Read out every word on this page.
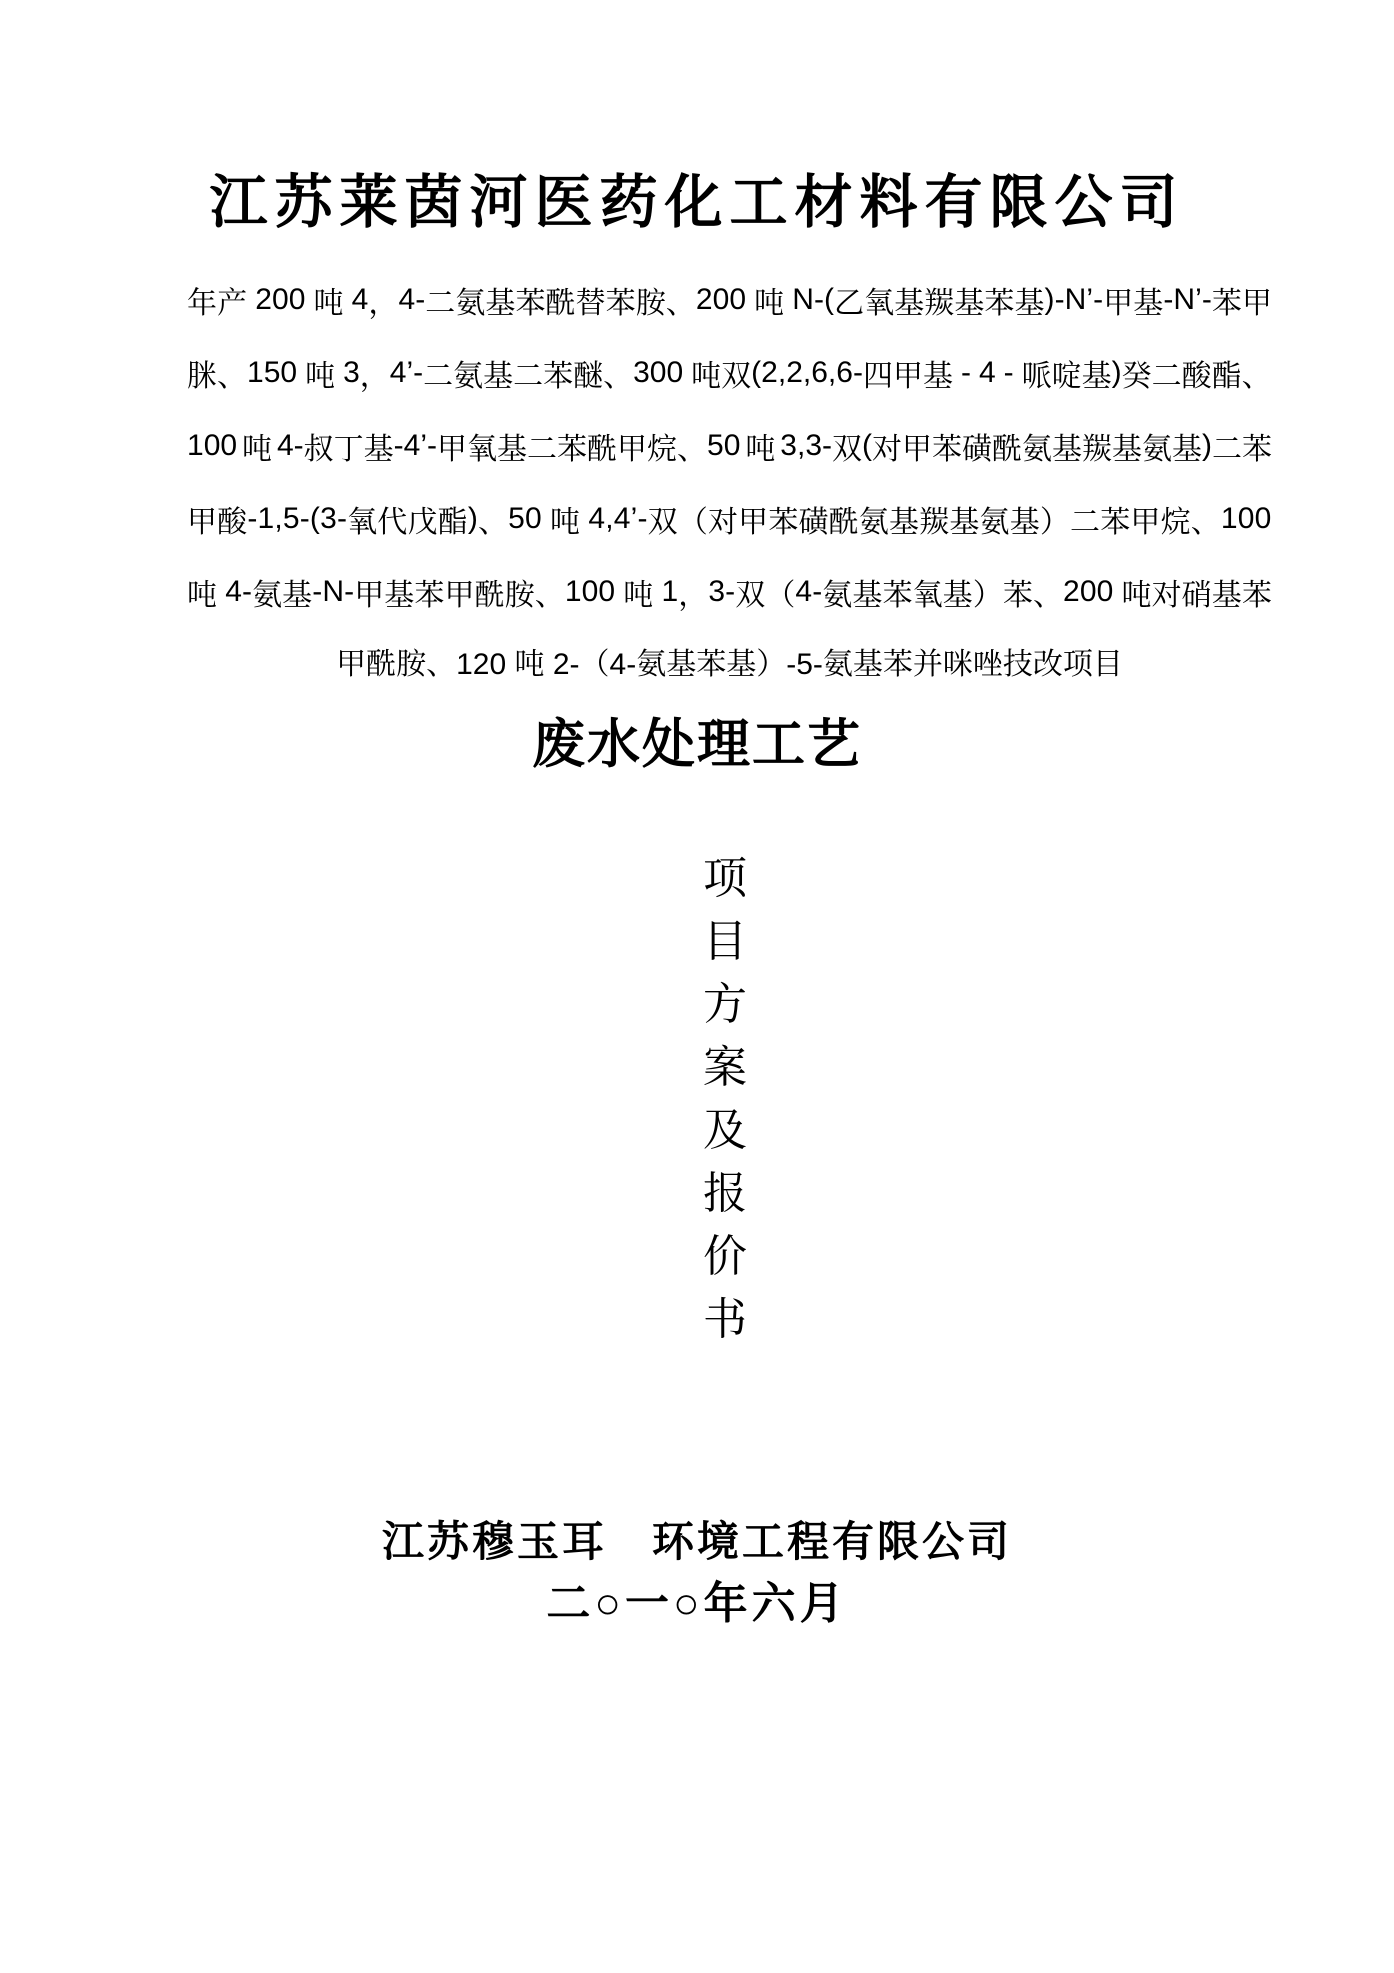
江苏莱茵河医药化工材料有限公司
年 产 2 0 0 吨 4 ， 4 - 二 氨 基 苯 酰 替 苯 胺 、 2 0 0 吨 N - ( 乙 氧 基 羰 基 苯 基 ) - N ’ - 甲 基 - N ’ - 苯 甲
脒 、 1 5 0 吨 3 ， 4 ’ - 二 氨 基 二 苯 醚 、 3 0 0 吨 双 ( 2 , 2 , 6 , 6 - 四 甲 基 - 4 - 哌 啶 基 ) 癸 二 酸 酯 、
1 0 0 吨 4 - 叔 丁 基 - 4 ’ - 甲 氧 基 二 苯 酰 甲 烷 、 5 0 吨 3 , 3 - 双 ( 对 甲 苯 磺 酰 氨 基 羰 基 氨 基 ) 二 苯
甲 酸 - 1 , 5 - ( 3 - 氧 代 戊 酯 ) 、 5 0 吨 4 , 4 ’ - 双 （ 对 甲 苯 磺 酰 氨 基 羰 基 氨 基 ） 二 苯 甲 烷 、 1 0 0
吨 4 - 氨 基 - N - 甲 基 苯 甲 酰 胺 、 1 0 0 吨 1 ， 3 - 双 （ 4 - 氨 基 苯 氧 基 ） 苯 、 2 0 0 吨 对 硝 基 苯
甲酰胺、120 吨 2-（4-氨基苯基）-5-氨基苯并咪唑技改项目
废水处理工艺
项
目
方
案
及
报
价
书
江苏穆玉耳　环境工程有限公司
二○一○年六月
